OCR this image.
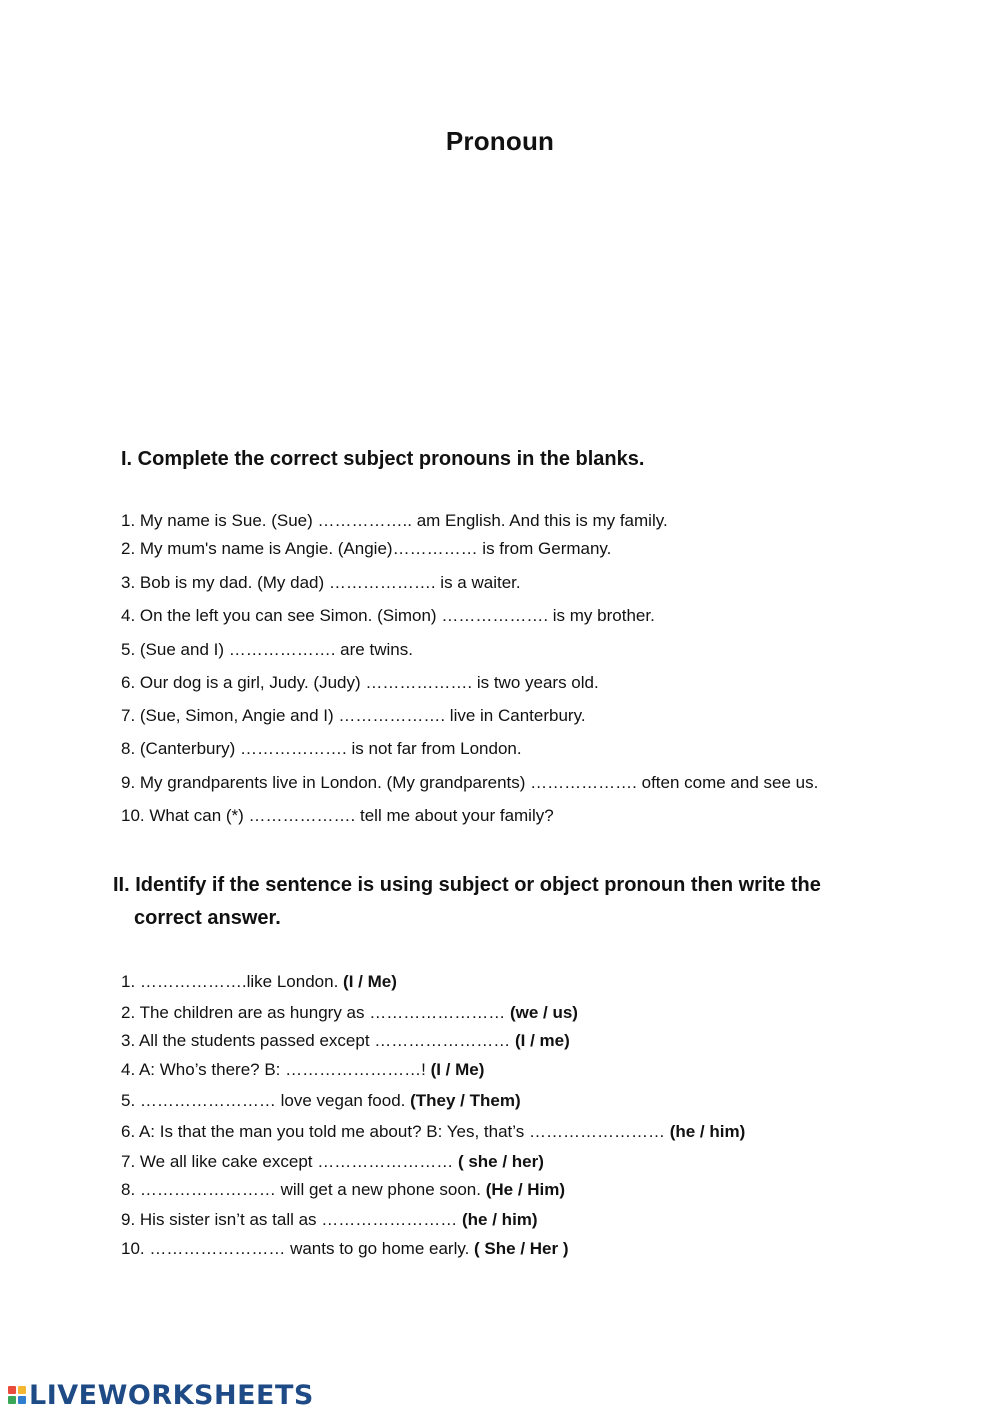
Pronoun
I. Complete the correct subject pronouns in the blanks.
1. My name is Sue. (Sue) …………….. am English. And this is my family.
2. My mum's name is Angie. (Angie)…………… is from Germany.
3. Bob is my dad. (My dad) ………………. is a waiter.
4. On the left you can see Simon. (Simon) ………………. is my brother.
5. (Sue and I) ………………. are twins.
6. Our dog is a girl, Judy. (Judy) ………………. is two years old.
7. (Sue, Simon, Angie and I) ………………. live in Canterbury.
8. (Canterbury) ………………. is not far from London.
9. My grandparents live in London. (My grandparents) ………………. often come and see us.
10. What can (*) ………………. tell me about your family?
II. Identify if the sentence is using subject or object pronoun then write the
correct answer.
1. ……………….like London. (I / Me)
2. The children are as hungry as …………………… (we / us)
3. All the students passed except …………………… (I / me)
4. A: Who’s there? B: ……………………! (I / Me)
5. …………………… love vegan food. (They / Them)
6. A: Is that the man you told me about? B: Yes, that’s …………………… (he / him)
7. We all like cake except …………………… ( she / her)
8. …………………… will get a new phone soon. (He / Him)
9. His sister isn’t as tall as …………………… (he / him)
10. …………………… wants to go home early. ( She / Her )
LIVEWORKSHEETS
